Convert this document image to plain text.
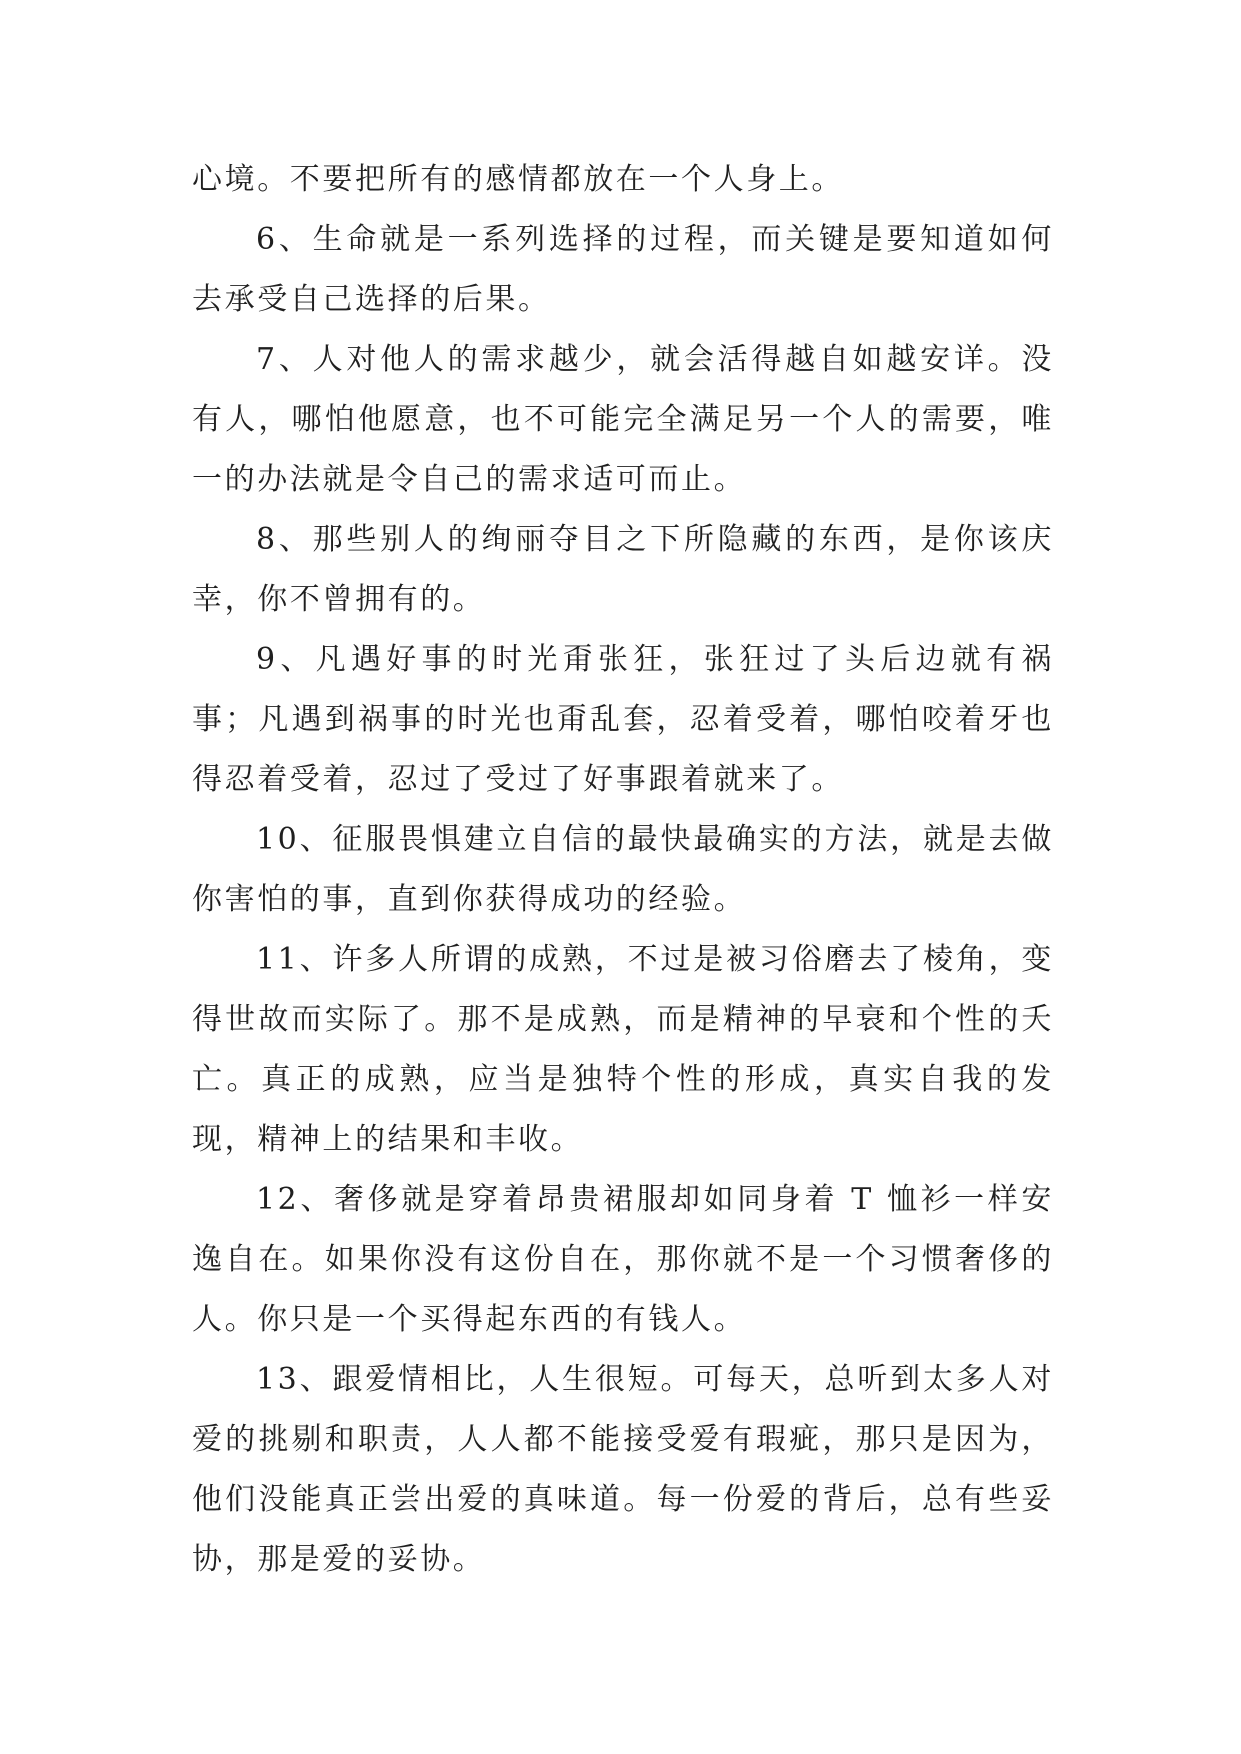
心境。不要把所有的感情都放在一个人身上。

6、生命就是一系列选择的过程，而关键是要知道如何去承受自己选择的后果。

7、人对他人的需求越少，就会活得越自如越安详。没有人，哪怕他愿意，也不可能完全满足另一个人的需要，唯一的办法就是令自己的需求适可而止。

8、那些别人的绚丽夺目之下所隐藏的东西，是你该庆幸，你不曾拥有的。

9、凡遇好事的时光甭张狂，张狂过了头后边就有祸事；凡遇到祸事的时光也甭乱套，忍着受着，哪怕咬着牙也得忍着受着，忍过了受过了好事跟着就来了。

10、征服畏惧建立自信的最快最确实的方法，就是去做你害怕的事，直到你获得成功的经验。

11、许多人所谓的成熟，不过是被习俗磨去了棱角，变得世故而实际了。那不是成熟，而是精神的早衰和个性的夭亡。真正的成熟，应当是独特个性的形成，真实自我的发现，精神上的结果和丰收。

12、奢侈就是穿着昂贵裙服却如同身着 T 恤衫一样安逸自在。如果你没有这份自在，那你就不是一个习惯奢侈的人。你只是一个买得起东西的有钱人。

13、跟爱情相比，人生很短。可每天，总听到太多人对爱的挑剔和职责，人人都不能接受爱有瑕疵，那只是因为，他们没能真正尝出爱的真味道。每一份爱的背后，总有些妥协，那是爱的妥协。
